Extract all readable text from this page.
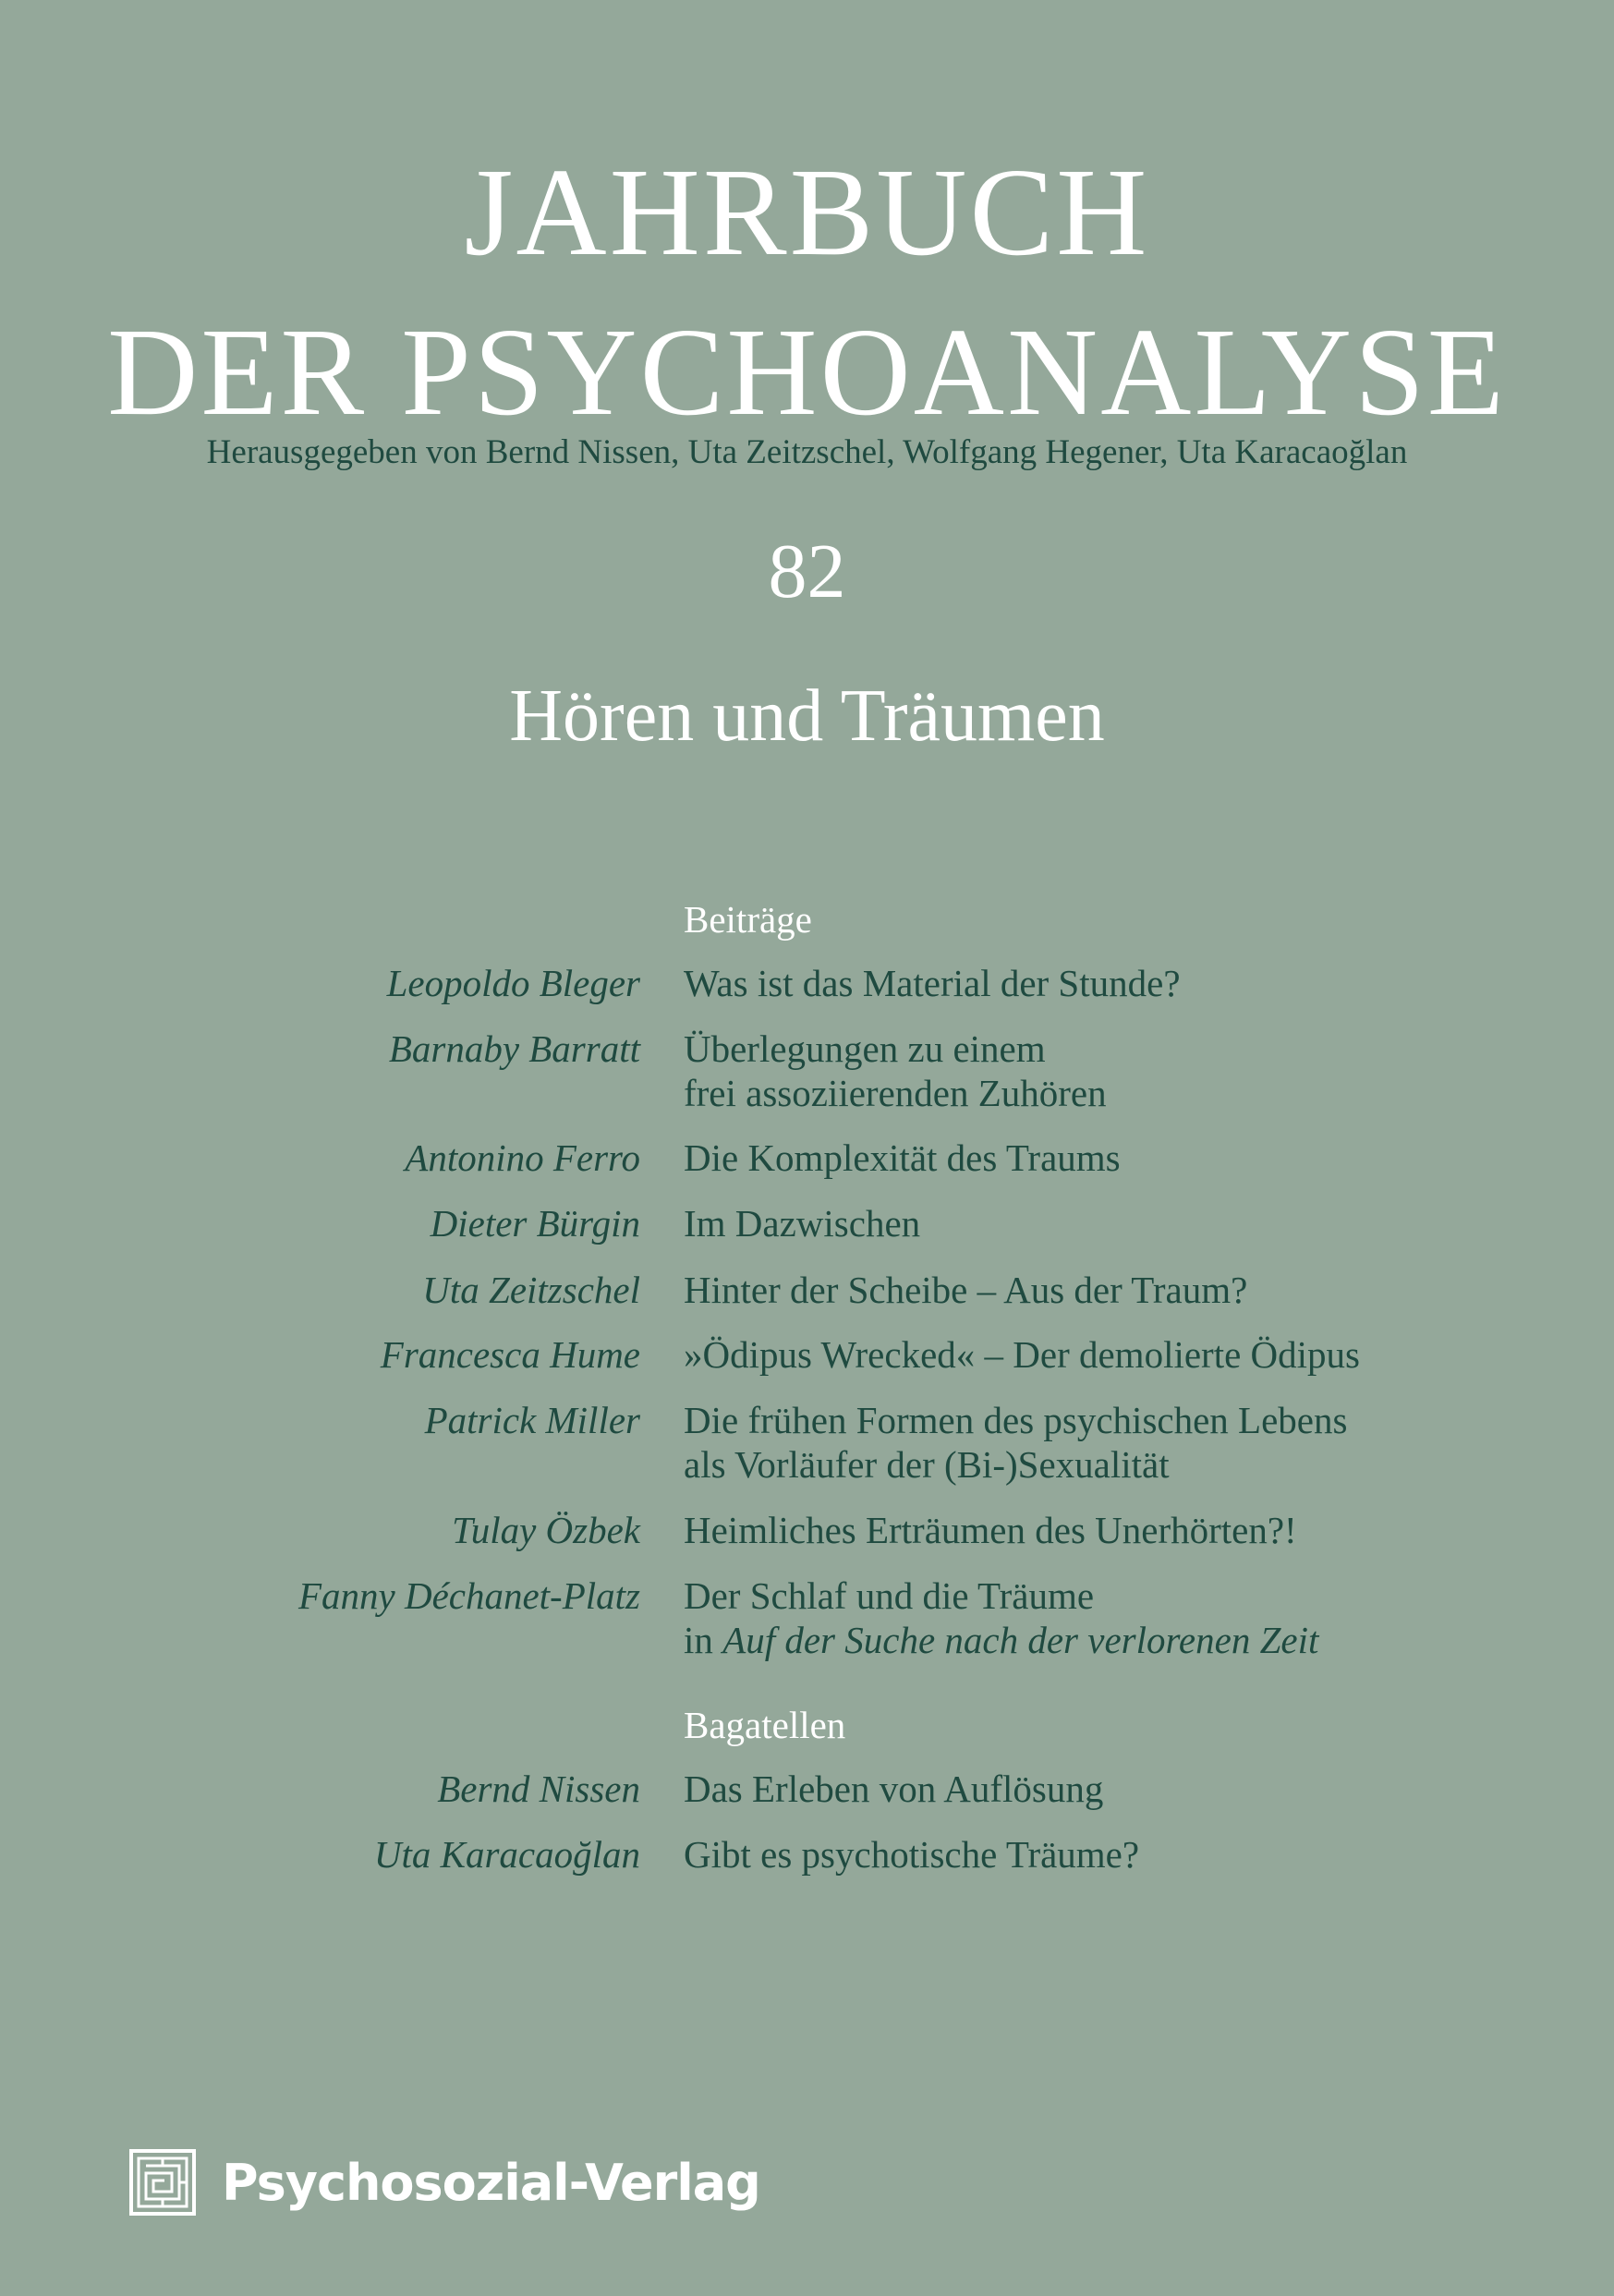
JAHRBUCH
DER PSYCHOANALYSE
Herausgegeben von Bernd Nissen, Uta Zeitzschel, Wolfgang Hegener, Uta Karacaoğlan
82
Hören und Träumen
Beiträge
Leopoldo Bleger Was ist das Material der Stunde?
Barnaby Barratt Überlegungen zu einem
frei assoziierenden Zuhören
Antonino Ferro Die Komplexität des Traums
Dieter Bürgin Im Dazwischen
Uta Zeitzschel Hinter der Scheibe – Aus der Traum?
Francesca Hume »Ödipus Wrecked« – Der demolierte Ödipus
Patrick Miller Die frühen Formen des psychischen Lebens
als Vorläufer der (Bi-)Sexualität
Tulay Özbek Heimliches Erträumen des Unerhörten?!
Fanny Déchanet-Platz Der Schlaf und die Träume
in Auf der Suche nach der verlorenen Zeit
Bagatellen
Bernd Nissen Das Erleben von Auflösung
Uta Karacaoğlan Gibt es psychotische Träume?
Psychosozial-Verlag
